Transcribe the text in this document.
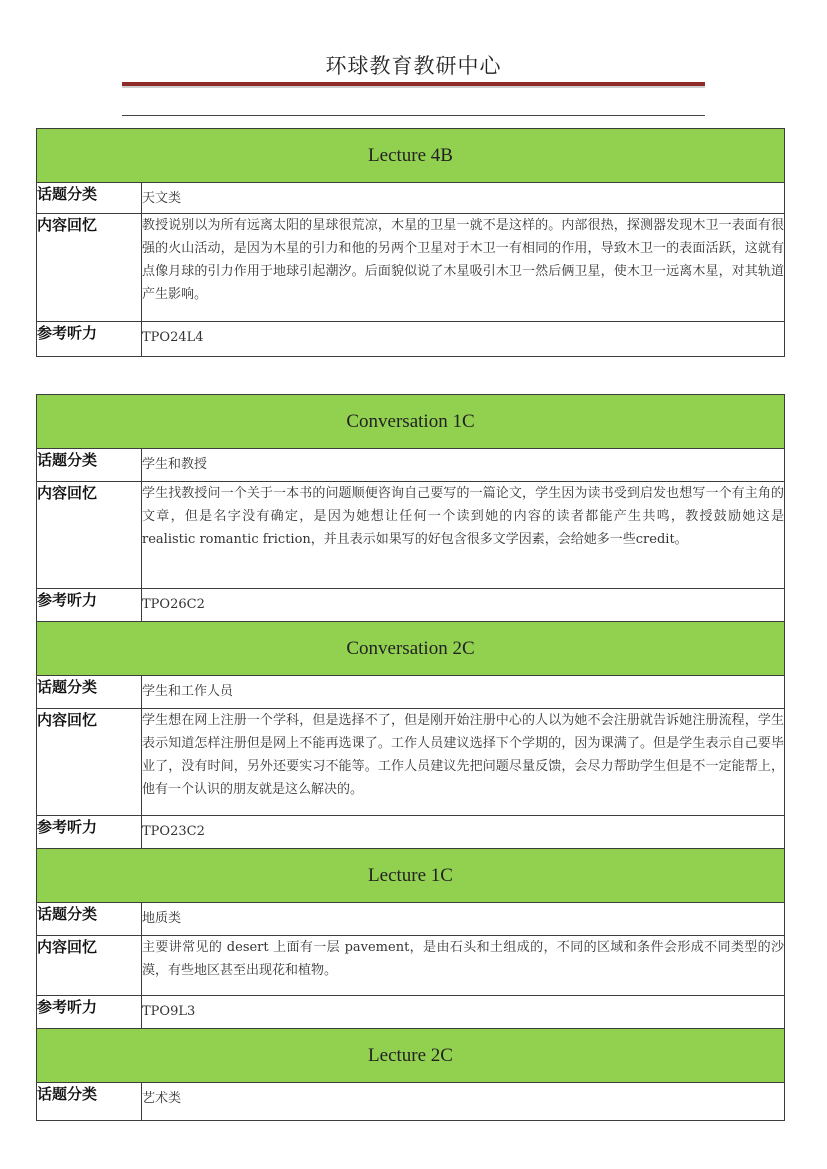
环球教育教研中心
Lecture 4B	
话题分类	天文类
内容回忆	教授说别以为所有远离太阳的星球很荒凉，木星的卫星一就不是这样的。内部很热，探测器发现木卫一表面有很强的火山活动，是因为木星的引力和他的另两个卫星对于木卫一有相同的作用，导致木卫一的表面活跃，这就有点像月球的引力作用于地球引起潮汐。后面貌似说了木星吸引木卫一然后俩卫星，使木卫一远离木星，对其轨道产生影响。
参考听力	TPO24L4
Conversation 1C	
话题分类	学生和教授
内容回忆	学生找教授问一个关于一本书的问题顺便咨询自己要写的一篇论文，学生因为读书受到启发也想写一个有主角的文章，但是名字没有确定，是因为她想让任何一个读到她的内容的读者都能产生共鸣，教授鼓励她这是 realistic romantic friction，并且表示如果写的好包含很多文学因素，会给她多一些credit。
参考听力	TPO26C2
Conversation 2C	
话题分类	学生和工作人员
内容回忆	学生想在网上注册一个学科，但是选择不了，但是刚开始注册中心的人以为她不会注册就告诉她注册流程，学生表示知道怎样注册但是网上不能再选课了。工作人员建议选择下个学期的，因为课满了。但是学生表示自己要毕业了，没有时间，另外还要实习不能等。工作人员建议先把问题尽量反馈，会尽力帮助学生但是不一定能帮上，他有一个认识的朋友就是这么解决的。
参考听力	TPO23C2
Lecture 1C	
话题分类	地质类
内容回忆	主要讲常见的 desert 上面有一层 pavement，是由石头和土组成的，不同的区域和条件会形成不同类型的沙漠，有些地区甚至出现花和植物。
参考听力	TPO9L3
Lecture 2C	
话题分类	艺术类
